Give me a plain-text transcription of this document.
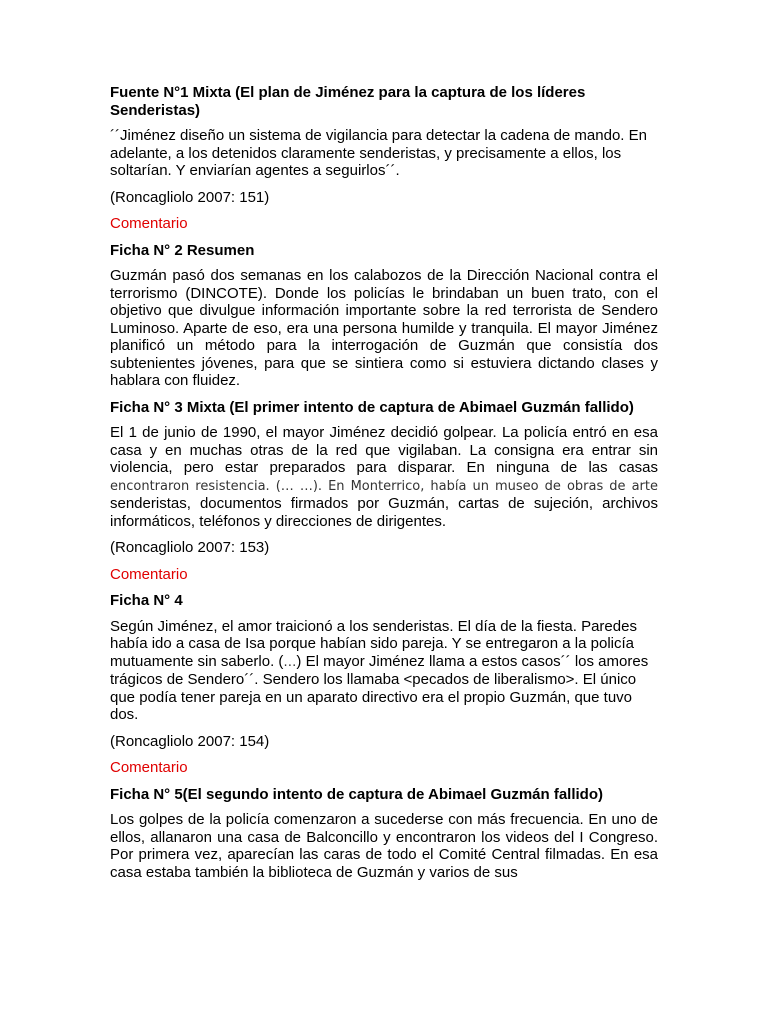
Fuente N°1 Mixta (El plan de Jiménez para la captura de los líderes Senderistas)
´´Jiménez diseño un sistema de vigilancia para detectar la cadena de mando. En adelante, a los detenidos claramente senderistas, y precisamente a ellos, los soltarían. Y enviarían agentes a seguirlos´´.
(Roncagliolo 2007: 151)
Comentario
Ficha N° 2 Resumen
Guzmán pasó dos semanas en los calabozos de la Dirección Nacional contra el terrorismo (DINCOTE). Donde los policías le brindaban un buen trato, con el objetivo que divulgue información importante sobre la red terrorista de Sendero Luminoso. Aparte de eso, era una persona humilde y tranquila. El mayor Jiménez planificó un método para la interrogación de Guzmán que consistía dos subtenientes jóvenes, para que se sintiera como si estuviera dictando clases y hablara con fluidez.
Ficha N° 3 Mixta (El primer intento de captura de Abimael Guzmán fallido)
El 1 de junio de 1990, el mayor Jiménez decidió golpear. La policía entró en esa casa y en muchas otras de la red que vigilaban. La consigna era entrar sin violencia, pero estar preparados para disparar. En ninguna de las casas encontraron resistencia. (… …). En Monterrico, había un museo de obras de arte senderistas, documentos firmados por Guzmán, cartas de sujeción, archivos informáticos, teléfonos y direcciones de dirigentes.
(Roncagliolo 2007: 153)
Comentario
Ficha N° 4
Según Jiménez, el amor traicionó a los senderistas. El día de la fiesta. Paredes había ido a casa de Isa porque habían sido pareja. Y se entregaron a la policía mutuamente sin saberlo. (…) El mayor Jiménez llama a estos casos´´ los amores trágicos de Sendero´´. Sendero los llamaba <pecados de liberalismo>. El único que podía tener pareja en un aparato directivo era el propio Guzmán, que tuvo dos.
(Roncagliolo 2007: 154)
Comentario
Ficha N° 5(El segundo intento de captura de Abimael Guzmán fallido)
Los golpes de la policía comenzaron a sucederse con más frecuencia. En uno de ellos, allanaron una casa de Balconcillo y encontraron los videos del I Congreso. Por primera vez, aparecían las caras de todo el Comité Central filmadas. En esa casa estaba también la biblioteca de Guzmán y varios de sus
